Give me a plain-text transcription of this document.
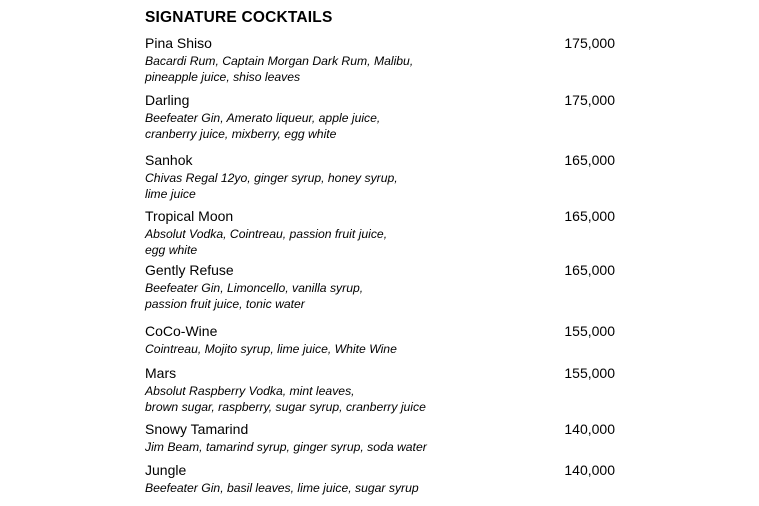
SIGNATURE COCKTAILS
Pina Shiso	175,000
Bacardi Rum, Captain Morgan Dark Rum, Malibu,
pineapple juice, shiso leaves
Darling	175,000
Beefeater Gin, Amerato liqueur, apple juice,
cranberry juice, mixberry, egg white
Sanhok	165,000
Chivas Regal 12yo, ginger syrup, honey syrup,
lime juice
Tropical Moon	165,000
Absolut Vodka, Cointreau, passion fruit juice,
egg white
Gently Refuse	165,000
Beefeater Gin, Limoncello, vanilla syrup,
passion fruit juice, tonic water
CoCo-Wine	155,000
Cointreau, Mojito syrup, lime juice, White Wine
Mars	155,000
Absolut Raspberry Vodka, mint leaves,
brown sugar, raspberry, sugar syrup, cranberry juice
Snowy Tamarind	140,000
Jim Beam, tamarind syrup, ginger syrup, soda water
Jungle	140,000
Beefeater Gin, basil leaves, lime juice, sugar syrup
